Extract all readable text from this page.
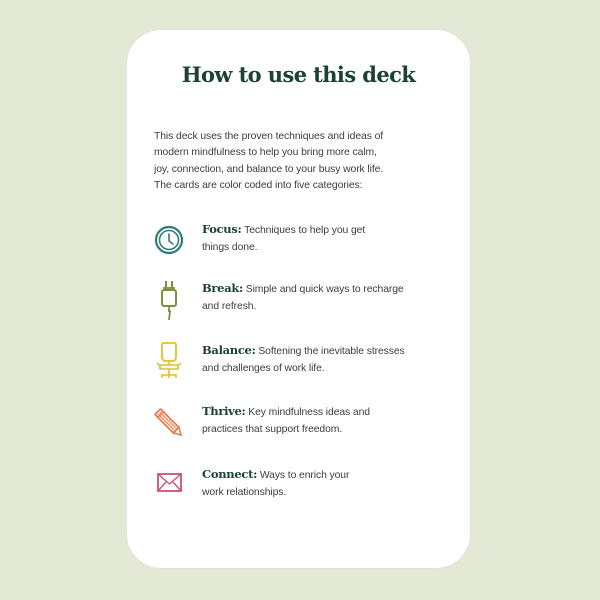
How to use this deck
This deck uses the proven techniques and ideas of
modern mindfulness to help you bring more calm,
joy, connection, and balance to your busy work life.
The cards are color coded into five categories:
Focus: Techniques to help you get
things done.
Break: Simple and quick ways to recharge
and refresh.
Balance: Softening the inevitable stresses
and challenges of work life.
Thrive: Key mindfulness ideas and
practices that support freedom.
Connect: Ways to enrich your
work relationships.
